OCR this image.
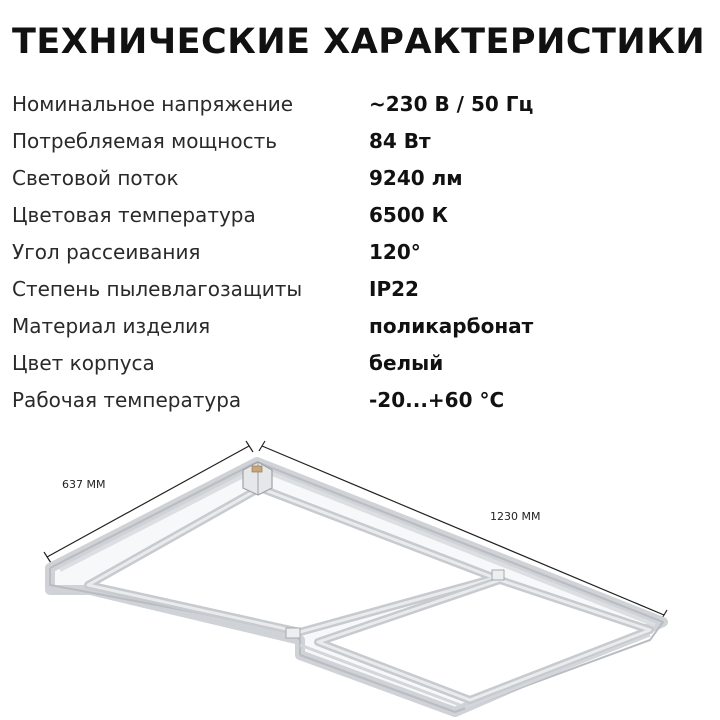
ТЕХНИЧЕСКИЕ ХАРАКТЕРИСТИКИ
Номинальное напряжение	~230 В / 50 Гц
Потребляемая мощность	84 Вт
Световой поток	9240 лм
Цветовая температура	6500 К
Угол рассеивания	120°
Степень пылевлагозащиты	IP22
Материал изделия	поликарбонат
Цвет корпуса	белый
Рабочая температура	-20...+60 °C
637 ММ
1230 ММ
